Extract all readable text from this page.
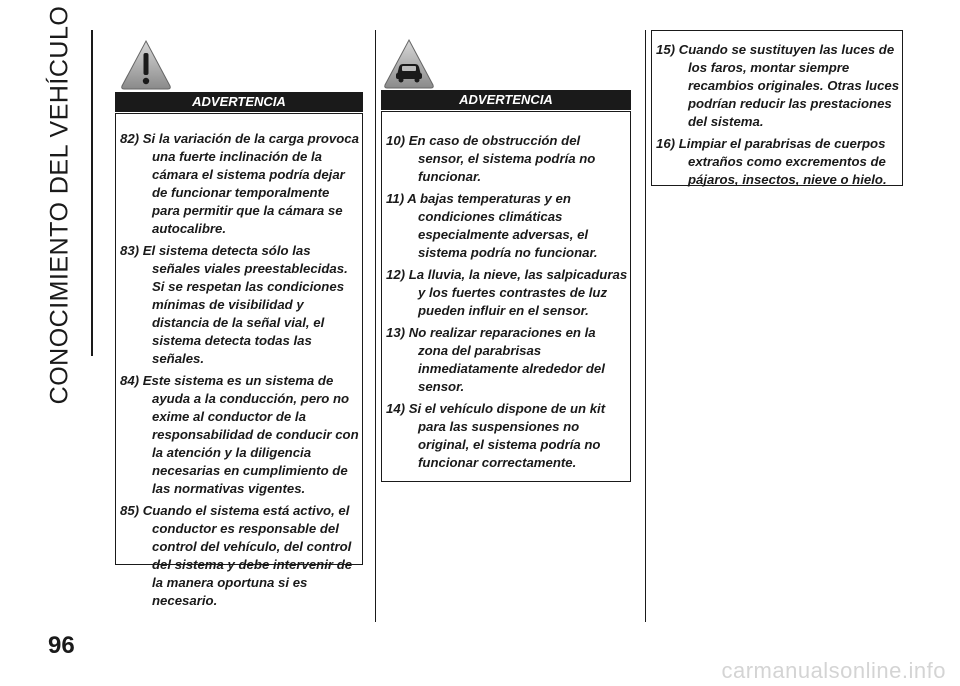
CONOCIMIENTO DEL VEHÍCULO	ADVERTENCIA
82) Si la variación de la carga provoca una fuerte inclinación de la cámara el sistema podría dejar de funcionar temporalmente para permitir que la cámara se autocalibre.
83) El sistema detecta sólo las señales viales preestablecidas. Si se respetan las condiciones mínimas de visibilidad y distancia de la señal vial, el sistema detecta todas las señales.
84) Este sistema es un sistema de ayuda a la conducción, pero no exime al conductor de la responsabilidad de conducir con la atención y la diligencia necesarias en cumplimiento de las normativas vigentes.
85) Cuando el sistema está activo, el conductor es responsable del control del vehículo, del control del sistema y debe intervenir de la manera oportuna si es necesario.
ADVERTENCIA
10) En caso de obstrucción del sensor, el sistema podría no funcionar.
11) A bajas temperaturas y en condiciones climáticas especialmente adversas, el sistema podría no funcionar.
12) La lluvia, la nieve, las salpicaduras y los fuertes contrastes de luz pueden influir en el sensor.
13) No realizar reparaciones en la zona del parabrisas inmediatamente alrededor del sensor.
14) Si el vehículo dispone de un kit para las suspensiones no original, el sistema podría no funcionar correctamente.
15) Cuando se sustituyen las luces de los faros, montar siempre recambios originales. Otras luces podrían reducir las prestaciones del sistema.
16) Limpiar el parabrisas de cuerpos extraños como excrementos de pájaros, insectos, nieve o hielo.
96
carmanualsonline.info
